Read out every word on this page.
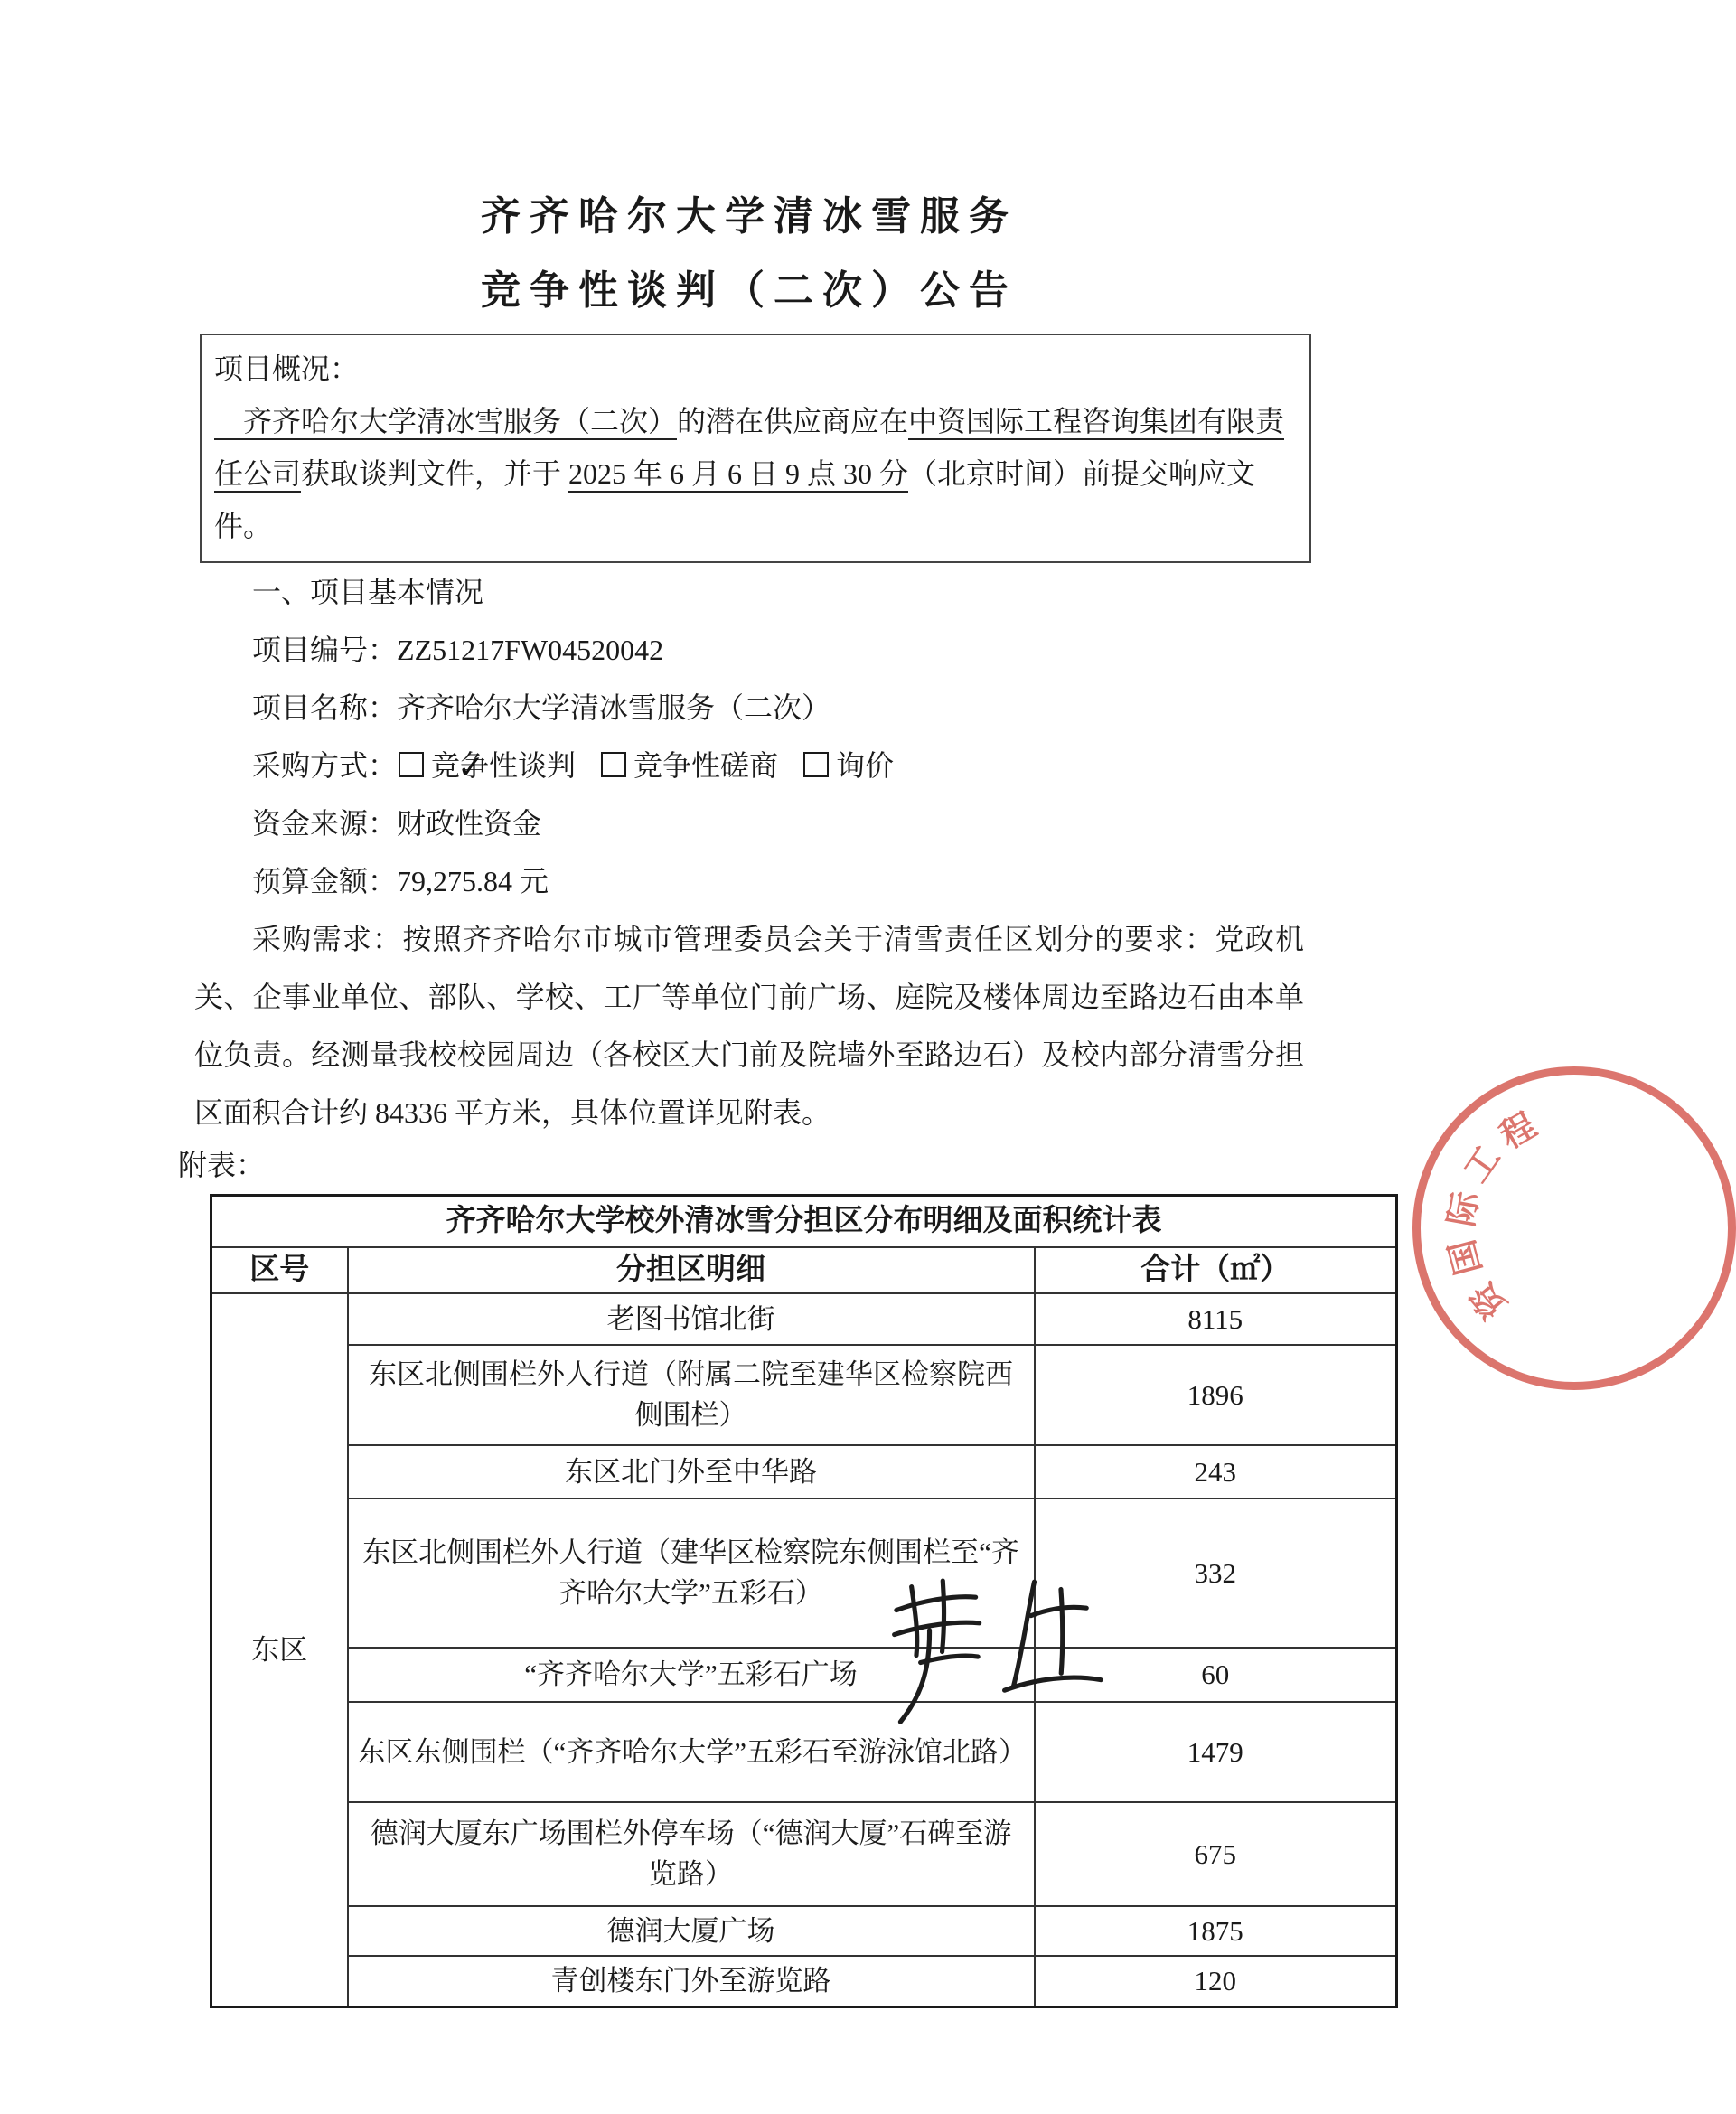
齐齐哈尔大学清冰雪服务
竞争性谈判（二次）公告

项目概况：

　齐齐哈尔大学清冰雪服务（二次）的潜在供应商应在中资国际工程咨询集团有限责任公司获取谈判文件，并于 2025 年 6 月 6 日 9 点 30 分（北京时间）前提交响应文件。

一、项目基本情况

项目编号：ZZ51217FW04520042

项目名称：齐齐哈尔大学清冰雪服务（二次）

采购方式： ✓ 竞争性谈判 竞争性磋商 询价

资金来源：财政性资金

预算金额：79,275.84 元

采购需求：按照齐齐哈尔市城市管理委员会关于清雪责任区划分的要求：党政机关、企事业单位、部队、学校、工厂等单位门前广场、庭院及楼体周边至路边石由本单位负责。经测量我校校园周边（各校区大门前及院墙外至路边石）及校内部分清雪分担区面积合计约 84336 平方米，具体位置详见附表。

附表：

齐齐哈尔大学校外清冰雪分担区分布明细及面积统计表		
区号	分担区明细	合计（㎡）
东区	老图书馆北街	8115
	东区北侧围栏外人行道（附属二院至建华区检察院西侧围栏）	1896
	东区北门外至中华路	243
	东区北侧围栏外人行道（建华区检察院东侧围栏至“齐齐哈尔大学”五彩石）	332
	“齐齐哈尔大学”五彩石广场	60
	东区东侧围栏（“齐齐哈尔大学”五彩石至游泳馆北路）	1479
	德润大厦东广场围栏外停车场（“德润大厦”石碑至游览路）	675
	德润大厦广场	1875
	青创楼东门外至游览路	120
资
国
际
工
程
